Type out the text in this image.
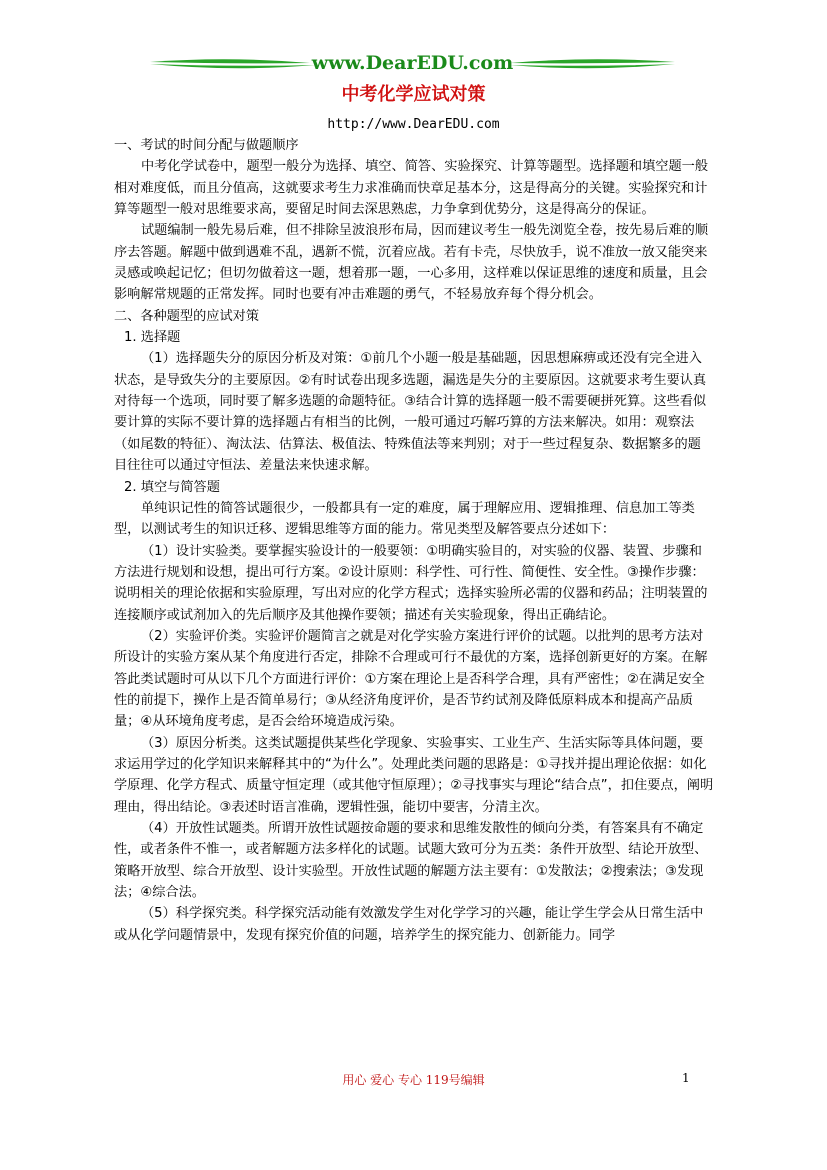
www.DearEDU.com
中考化学应试对策
http://www.DearEDU.com

一、考试的时间分配与做题顺序

中考化学试卷中，题型一般分为选择、填空、简答、实验探究、计算等题型。选择题和填空题一般相对难度低，而且分值高，这就要求考生力求准确而快章足基本分，这是得高分的关键。实验探究和计算等题型一般对思维要求高，要留足时间去深思熟虑，力争拿到优势分，这是得高分的保证。

试题编制一般先易后难，但不排除呈波浪形布局，因而建议考生一般先浏览全卷，按先易后难的顺序去答题。解题中做到遇难不乱，遇新不慌，沉着应战。若有卡壳，尽快放手，说不准放一放又能突来灵感或唤起记忆；但切勿做着这一题，想着那一题，一心多用，这样难以保证思维的速度和质量，且会影响解常规题的正常发挥。同时也要有冲击难题的勇气，不轻易放弃每个得分机会。

二、各种题型的应试对策

1. 选择题

（1）选择题失分的原因分析及对策：①前几个小题一般是基础题，因思想麻痹或还没有完全进入状态，是导致失分的主要原因。②有时试卷出现多选题，漏选是失分的主要原因。这就要求考生要认真对待每一个选项，同时要了解多选题的命题特征。③结合计算的选择题一般不需要硬拼死算。这些看似要计算的实际不要计算的选择题占有相当的比例，一般可通过巧解巧算的方法来解决。如用：观察法（如尾数的特征）、淘汰法、估算法、极值法、特殊值法等来判别；对于一些过程复杂、数据繁多的题目往往可以通过守恒法、差量法来快速求解。

2. 填空与简答题

单纯识记性的简答试题很少，一般都具有一定的难度，属于理解应用、逻辑推理、信息加工等类型，以测试考生的知识迁移、逻辑思维等方面的能力。常见类型及解答要点分述如下：

（1）设计实验类。要掌握实验设计的一般要领：①明确实验目的，对实验的仪器、装置、步骤和方法进行规划和设想，提出可行方案。②设计原则：科学性、可行性、简便性、安全性。③操作步骤：说明相关的理论依据和实验原理，写出对应的化学方程式；选择实验所必需的仪器和药品；注明装置的连接顺序或试剂加入的先后顺序及其他操作要领；描述有关实验现象，得出正确结论。

（2）实验评价类。实验评价题简言之就是对化学实验方案进行评价的试题。以批判的思考方法对所设计的实验方案从某个角度进行否定，排除不合理或可行不最优的方案，选择创新更好的方案。在解答此类试题时可从以下几个方面进行评价：①方案在理论上是否科学合理，具有严密性；②在满足安全性的前提下，操作上是否简单易行；③从经济角度评价，是否节约试剂及降低原料成本和提高产品质量；④从环境角度考虑，是否会给环境造成污染。

（3）原因分析类。这类试题提供某些化学现象、实验事实、工业生产、生活实际等具体问题，要求运用学过的化学知识来解释其中的“为什么”。处理此类问题的思路是：①寻找并提出理论依据：如化学原理、化学方程式、质量守恒定理（或其他守恒原理）；②寻找事实与理论“结合点”，扣住要点，阐明理由，得出结论。③表述时语言准确，逻辑性强，能切中要害，分清主次。

（4）开放性试题类。所谓开放性试题按命题的要求和思维发散性的倾向分类，有答案具有不确定性，或者条件不惟一，或者解题方法多样化的试题。试题大致可分为五类：条件开放型、结论开放型、策略开放型、综合开放型、设计实验型。开放性试题的解题方法主要有：①发散法；②搜索法；③发现法；④综合法。

（5）科学探究类。科学探究活动能有效激发学生对化学学习的兴趣，能让学生学会从日常生活中或从化学问题情景中，发现有探究价值的问题，培养学生的探究能力、创新能力。同学

用心 爱心 专心 119号编辑	1
